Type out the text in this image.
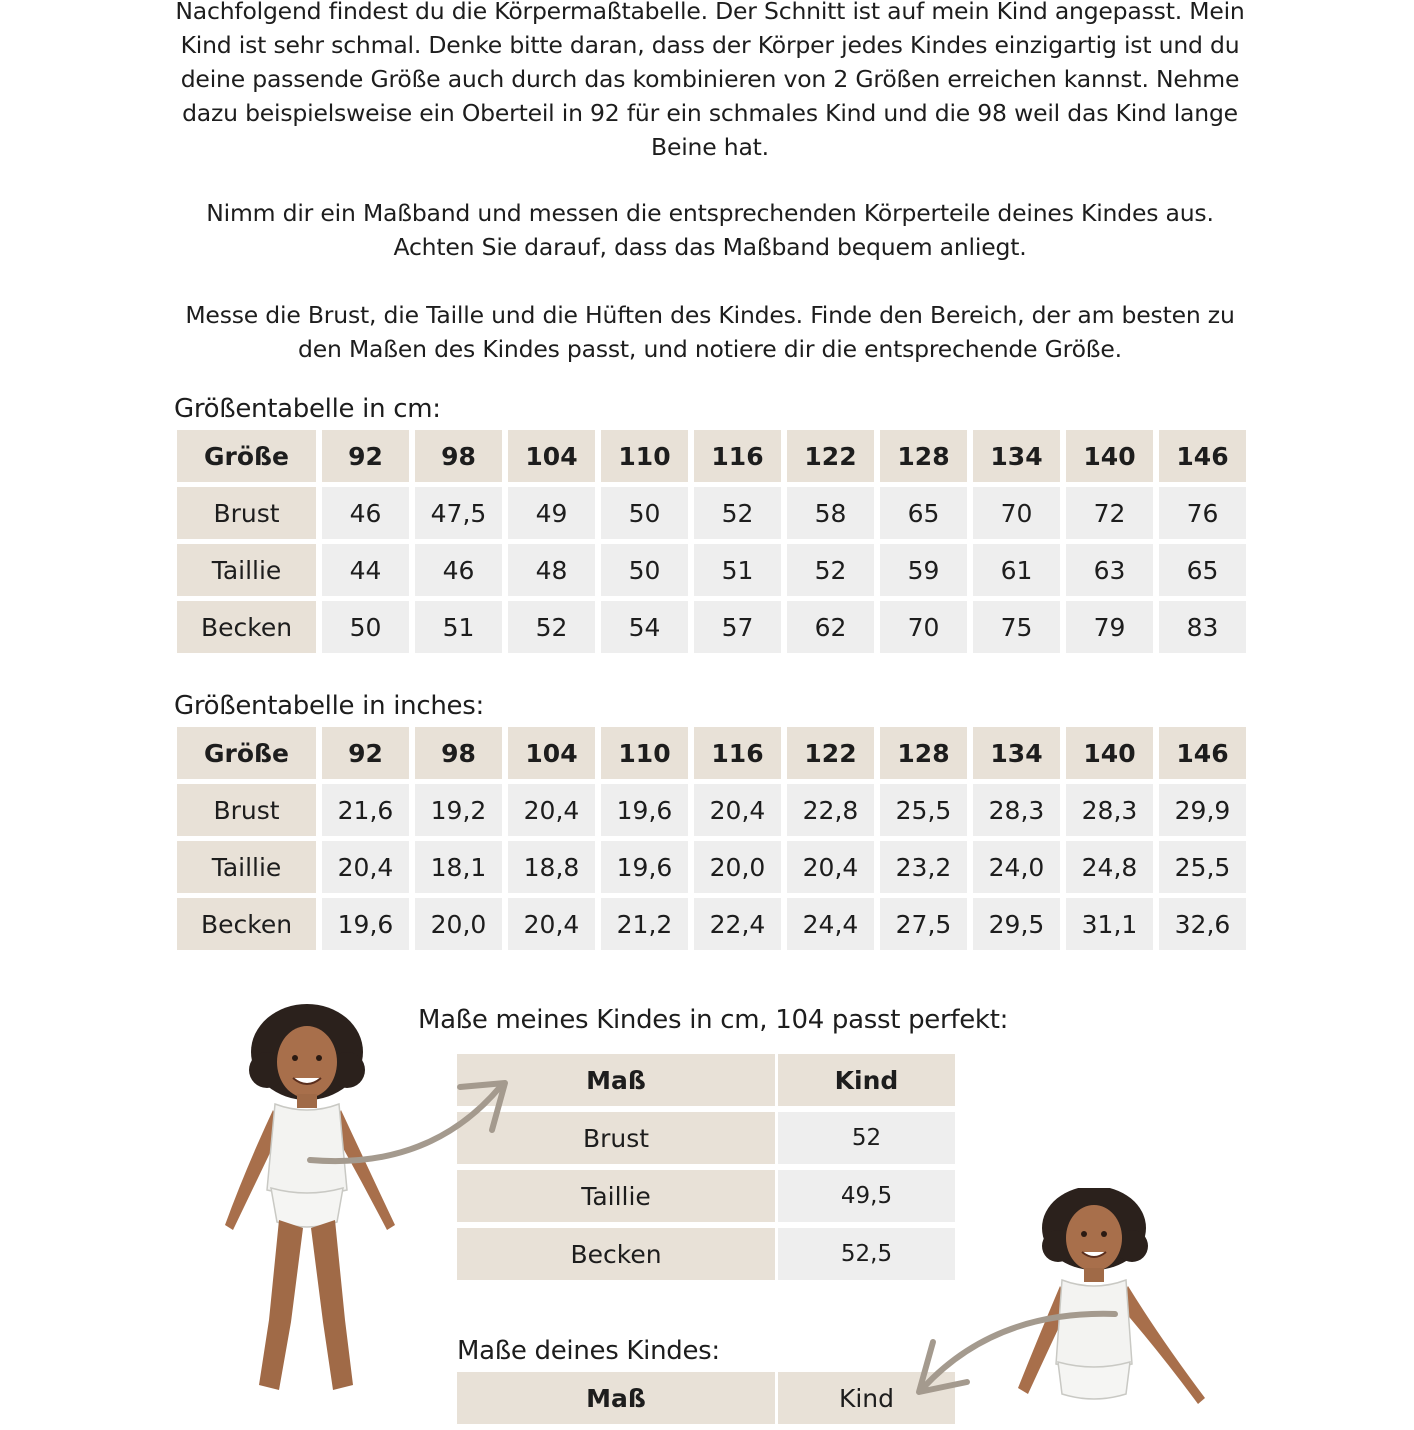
Nachfolgend findest du die Körpermaßtabelle. Der Schnitt ist auf mein Kind angepasst. Mein
Kind ist sehr schmal. Denke bitte daran, dass der Körper jedes Kindes einzigartig ist und du
deine passende Größe auch durch das kombinieren von 2 Größen erreichen kannst. Nehme
dazu beispielsweise ein Oberteil in 92 für ein schmales Kind und die 98 weil das Kind lange
Beine hat.
Nimm dir ein Maßband und messen die entsprechenden Körperteile deines Kindes aus.
Achten Sie darauf, dass das Maßband bequem anliegt.
Messe die Brust, die Taille und die Hüften des Kindes. Finde den Bereich, der am besten zu
den Maßen des Kindes passt, und notiere dir die entsprechende Größe.
Größentabelle in cm:
Größe	92	98	104	110	116	122	128	134	140	146
Brust	46	47,5	49	50	52	58	65	70	72	76
Taillie	44	46	48	50	51	52	59	61	63	65
Becken	50	51	52	54	57	62	70	75	79	83
Größentabelle in inches:
Größe	92	98	104	110	116	122	128	134	140	146
Brust	21,6	19,2	20,4	19,6	20,4	22,8	25,5	28,3	28,3	29,9
Taillie	20,4	18,1	18,8	19,6	20,0	20,4	23,2	24,0	24,8	25,5
Becken	19,6	20,0	20,4	21,2	22,4	24,4	27,5	29,5	31,1	32,6
Maße meines Kindes in cm, 104 passt perfekt:
Maß	Kind
Brust	52
Taillie	49,5
Becken	52,5
Maße deines Kindes:
Maß	Kind
